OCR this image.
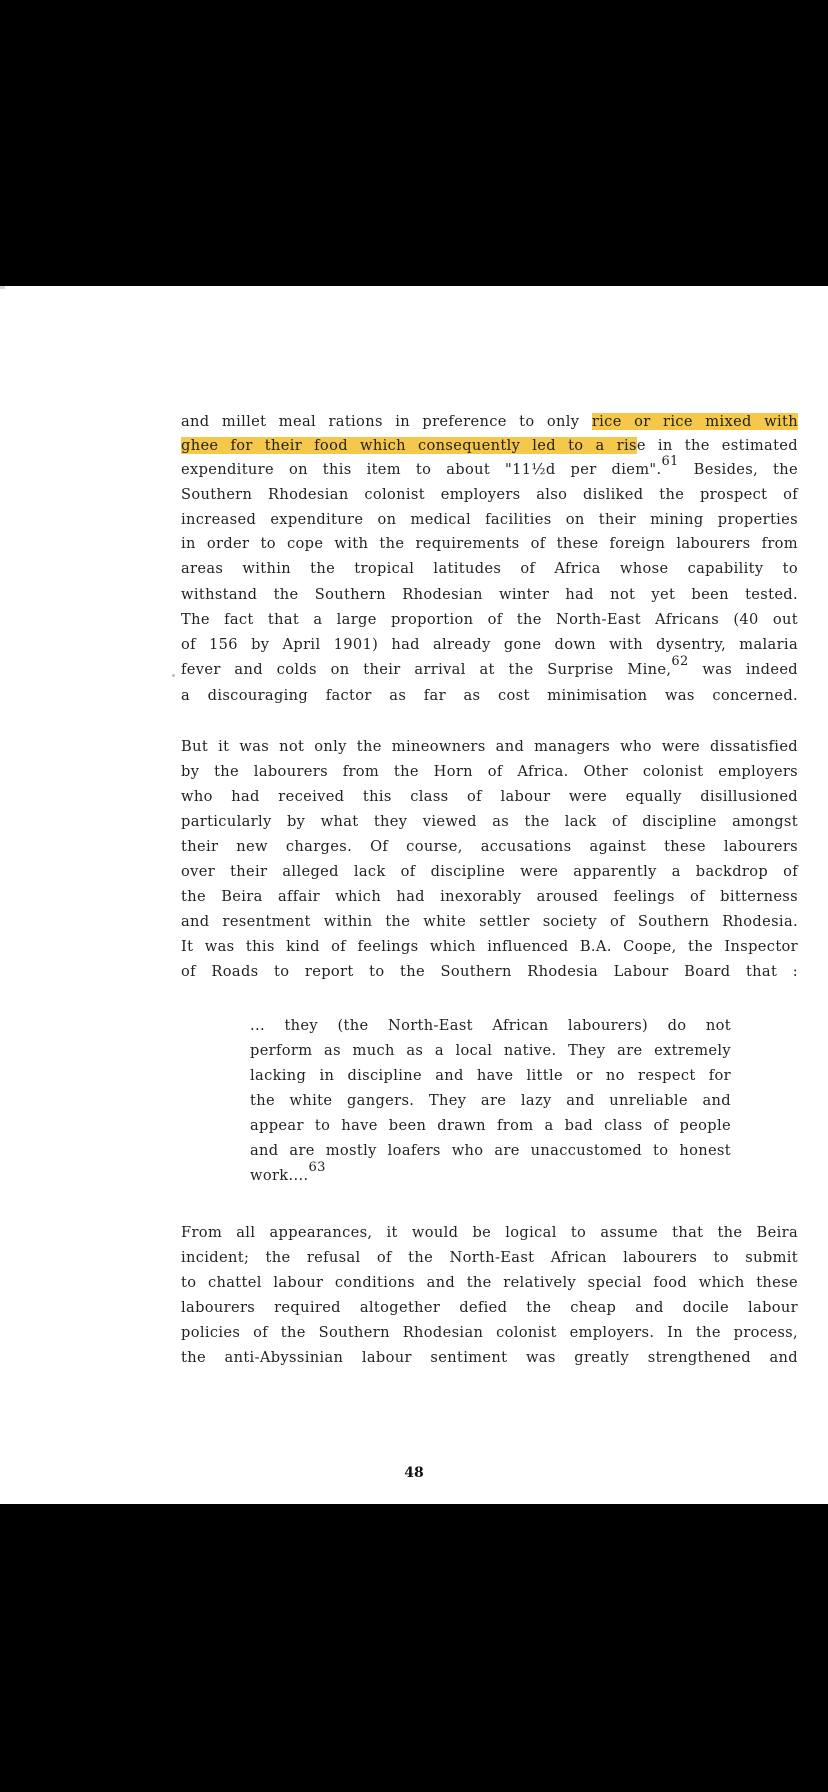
and millet meal rations in preference to only rice or rice mixed with
ghee for their food which consequently led to a rise in the estimated
expenditure on this item to about "11½d per diem".61 Besides, the
Southern Rhodesian colonist employers also disliked the prospect of
increased expenditure on medical facilities on their mining properties
in order to cope with the requirements of these foreign labourers from
areas within the tropical latitudes of Africa whose capability to
withstand the Southern Rhodesian winter had not yet been tested.
The fact that a large proportion of the North-East Africans (40 out
of 156 by April 1901) had already gone down with dysentry, malaria
fever and colds on their arrival at the Surprise Mine,62 was indeed
a discouraging factor as far as cost minimisation was concerned.
But it was not only the mineowners and managers who were dissatisfied
by the labourers from the Horn of Africa. Other colonist employers
who had received this class of labour were equally disillusioned
particularly by what they viewed as the lack of discipline amongst
their new charges. Of course, accusations against these labourers
over their alleged lack of discipline were apparently a backdrop of
the Beira affair which had inexorably aroused feelings of bitterness
and resentment within the white settler society of Southern Rhodesia.
It was this kind of feelings which influenced B.A. Coope, the Inspector
of Roads to report to the Southern Rhodesia Labour Board that :
... they (the North-East African labourers) do not
perform as much as a local native. They are extremely
lacking in discipline and have little or no respect for
the white gangers. They are lazy and unreliable and
appear to have been drawn from a bad class of people
and are mostly loafers who are unaccustomed to honest
work....63
From all appearances, it would be logical to assume that the Beira
incident; the refusal of the North-East African labourers to submit
to chattel labour conditions and the relatively special food which these
labourers required altogether defied the cheap and docile labour
policies of the Southern Rhodesian colonist employers. In the process,
the anti-Abyssinian labour sentiment was greatly strengthened and
48
